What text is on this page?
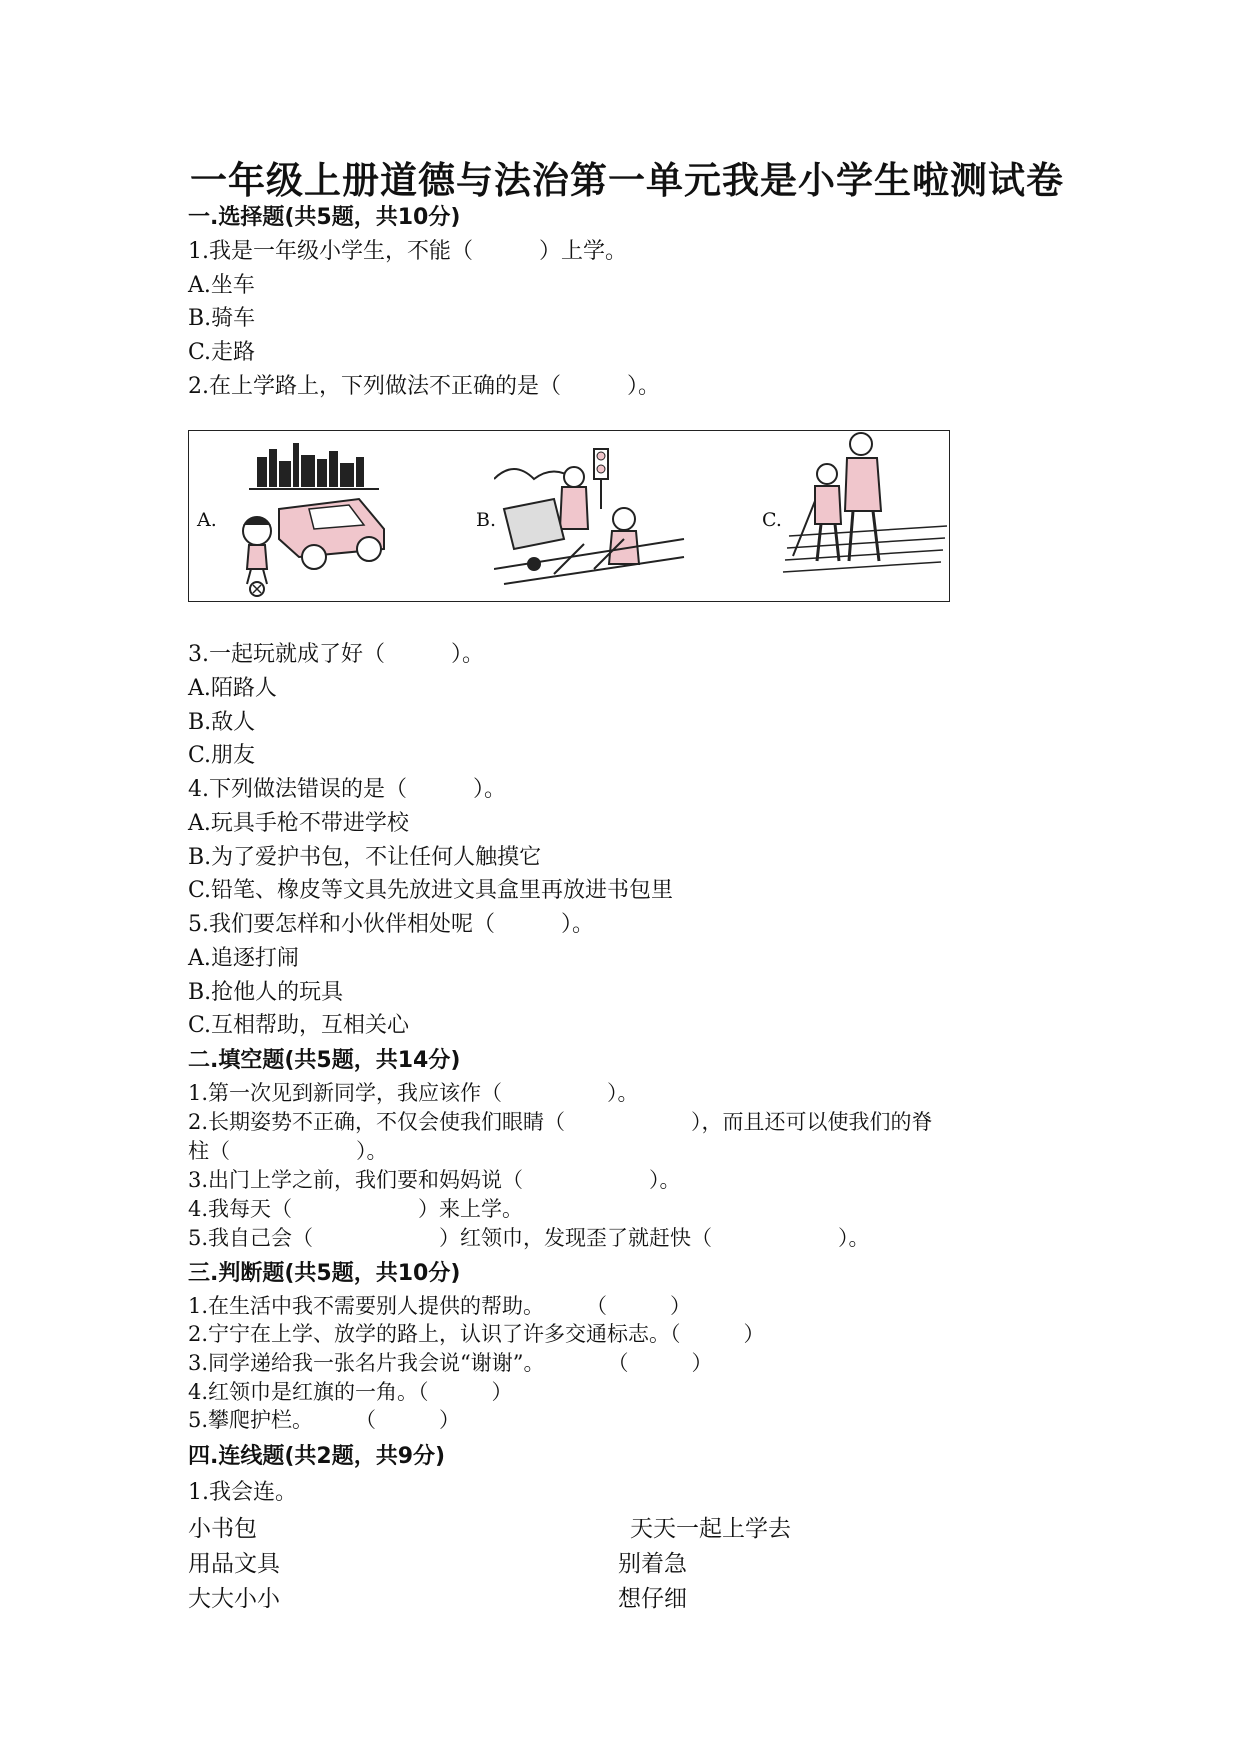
一年级上册道德与法治第一单元我是小学生啦测试卷
一.选择题(共5题，共10分)
1.我是一年级小学生，不能（　　　）上学。
A.坐车
B.骑车
C.走路
2.在上学路上，下列做法不正确的是（　　　）。
A.	B.	C.
3.一起玩就成了好（　　　）。
A.陌路人
B.敌人
C.朋友
4.下列做法错误的是（　　　）。
A.玩具手枪不带进学校
B.为了爱护书包，不让任何人触摸它
C.铅笔、橡皮等文具先放进文具盒里再放进书包里
5.我们要怎样和小伙伴相处呢（　　　）。
A.追逐打闹
B.抢他人的玩具
C.互相帮助，互相关心
二.填空题(共5题，共14分)
1.第一次见到新同学，我应该作（　　　　　）。
2.长期姿势不正确，不仅会使我们眼睛（　　　　　　），而且还可以使我们的脊
柱（　　　　　　）。
3.出门上学之前，我们要和妈妈说（　　　　　　）。
4.我每天（　　　　　　）来上学。
5.我自己会（　　　　　　）红领巾，发现歪了就赶快（　　　　　　）。
三.判断题(共5题，共10分)
1.在生活中我不需要别人提供的帮助。　　　（　　　）
2.宁宁在上学、放学的路上，认识了许多交通标志。（　　　）
3.同学递给我一张名片我会说“谢谢”。　　　　（　　　）
4.红领巾是红旗的一角。（　　　）
5.攀爬护栏。　　　（　　　）
四.连线题(共2题，共9分)
1.我会连。
小书包
用品文具
大大小小
天天一起上学去
别着急
想仔细
